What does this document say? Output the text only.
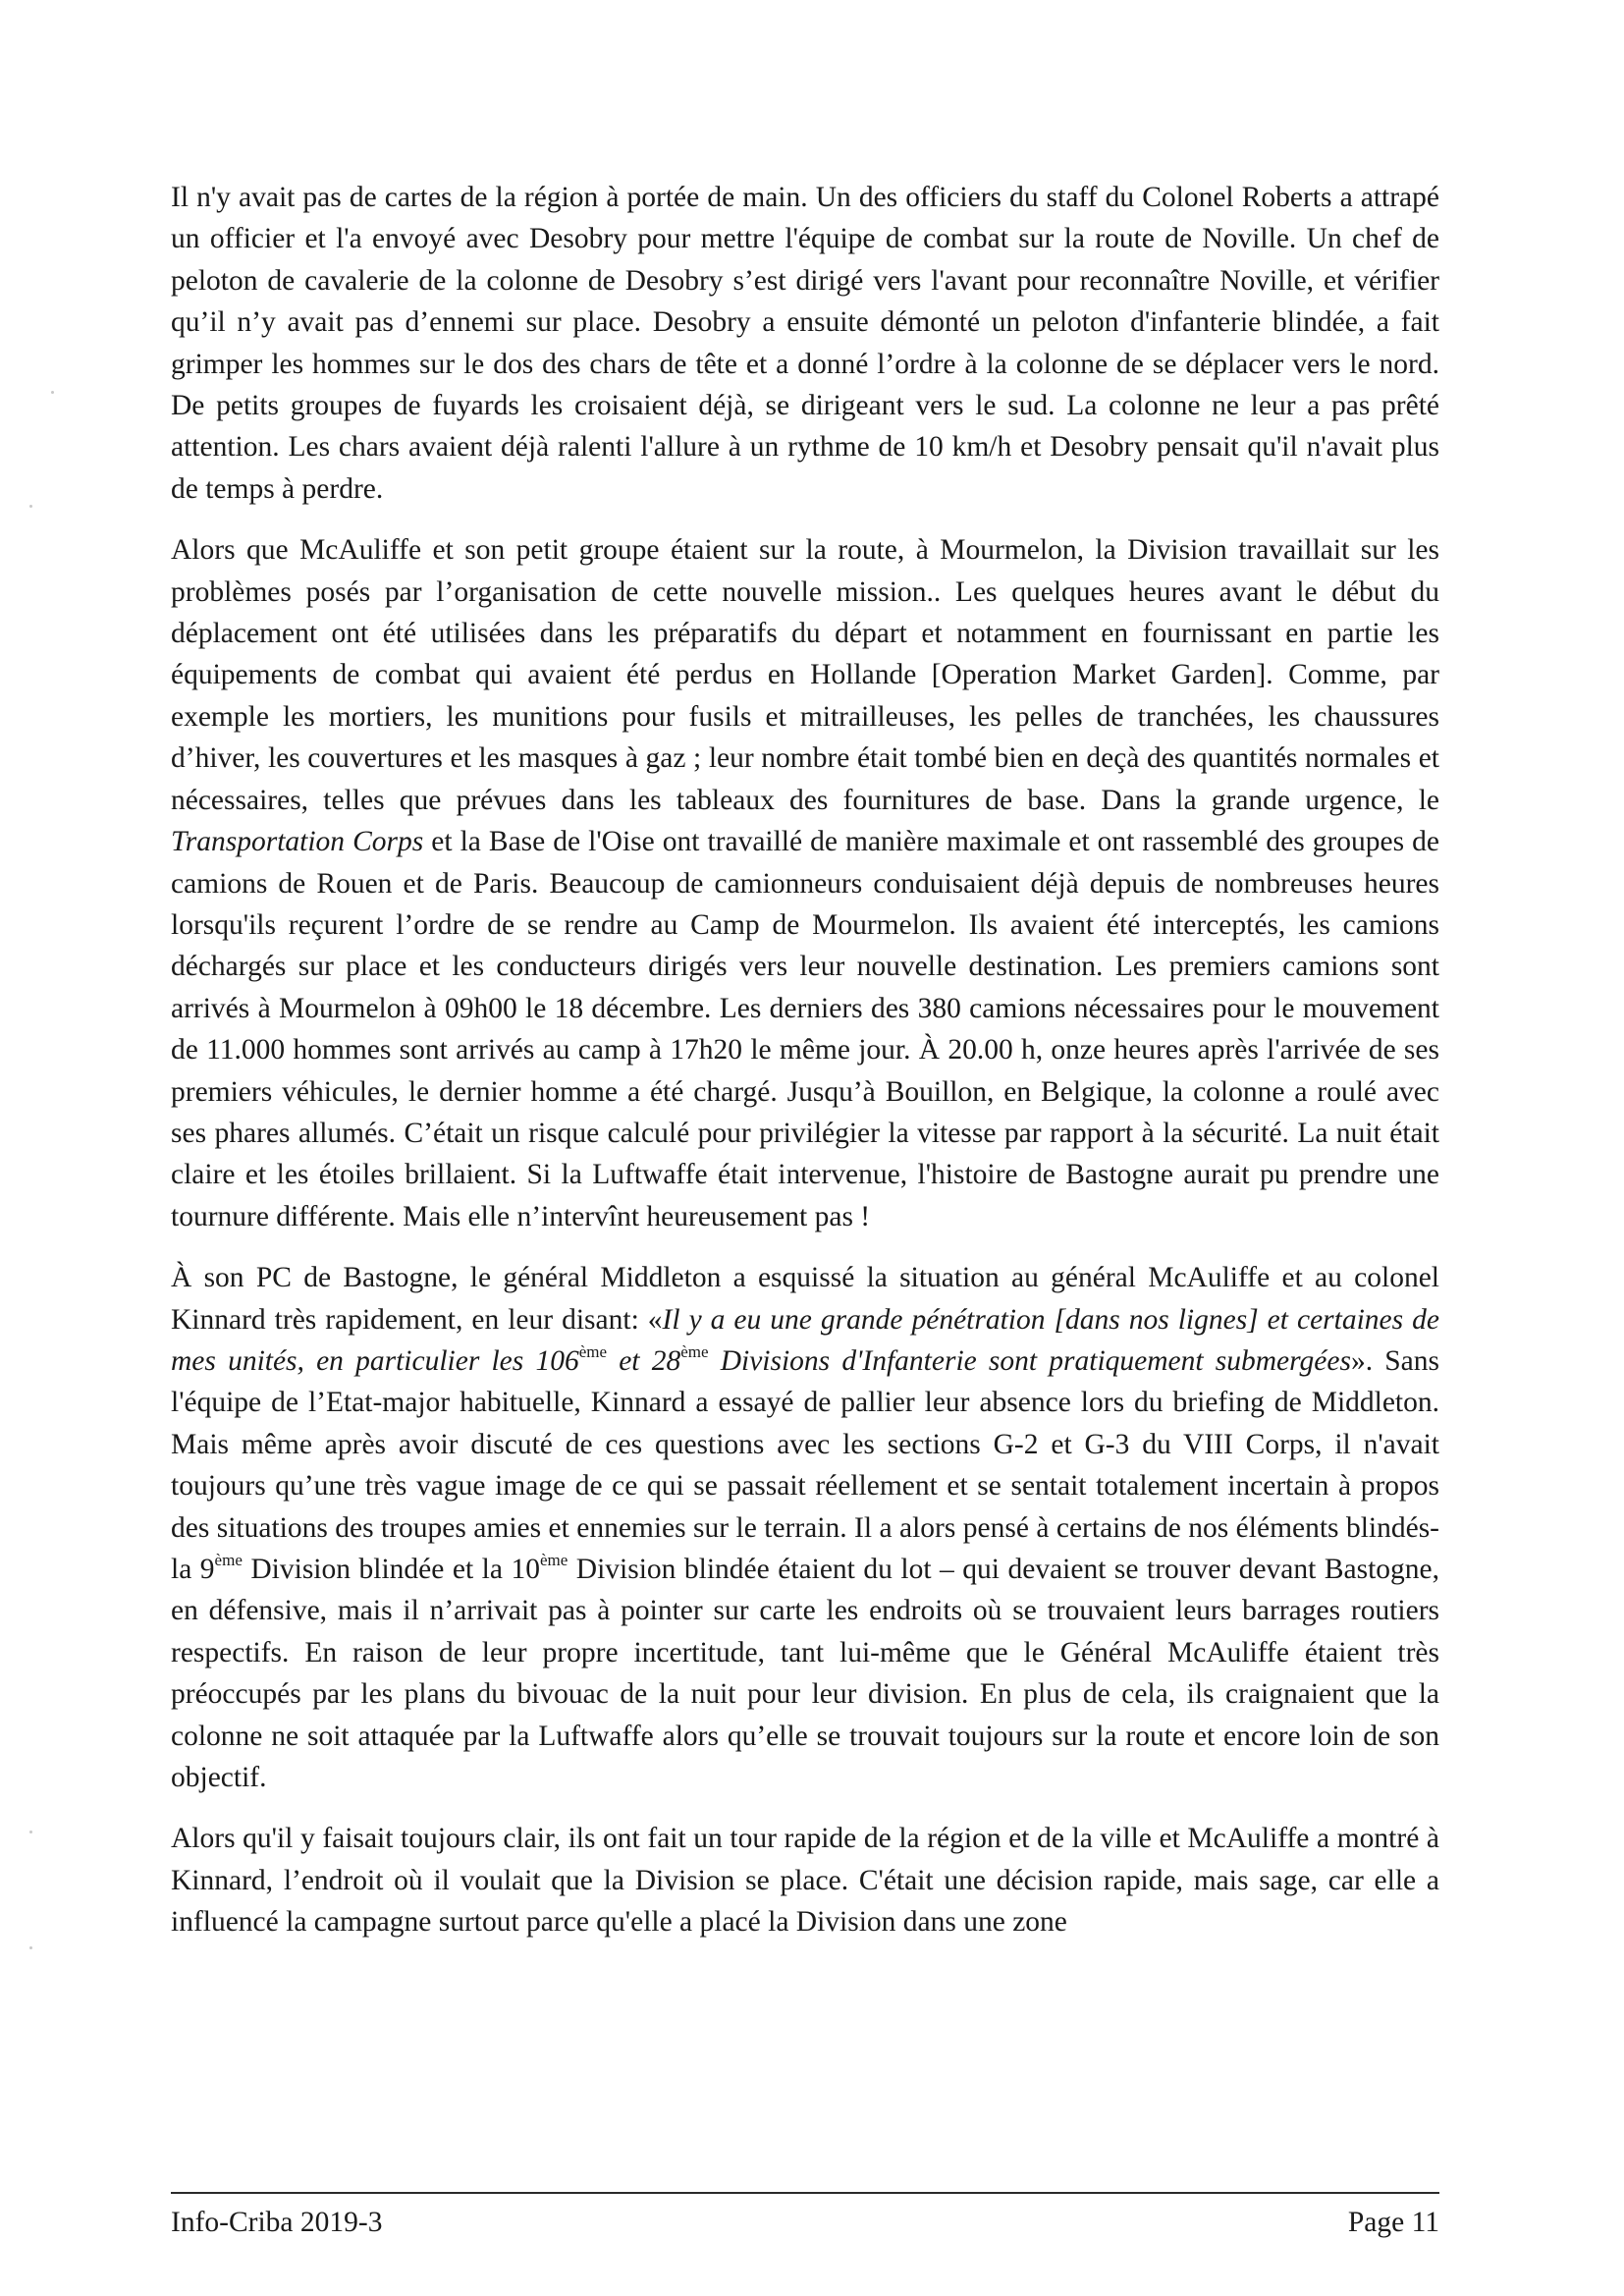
Il n'y avait pas de cartes de la région à portée de main. Un des officiers du staff du Colonel Roberts a attrapé un officier et l'a envoyé avec Desobry pour mettre l'équipe de combat sur la route de Noville. Un chef de peloton de cavalerie de la colonne de Desobry s’est dirigé vers l'avant pour reconnaître Noville, et vérifier qu’il n’y avait pas d’ennemi sur place. Desobry a ensuite démonté un peloton d'infanterie blindée, a fait grimper les hommes sur le dos des chars de tête et a donné l’ordre à la colonne de se déplacer vers le nord. De petits groupes de fuyards les croisaient déjà, se dirigeant vers le sud. La colonne ne leur a pas prêté attention. Les chars avaient déjà ralenti l'allure à un rythme de 10 km/h et Desobry pensait qu'il n'avait plus de temps à perdre.

Alors que McAuliffe et son petit groupe étaient sur la route, à Mourmelon, la Division travaillait sur les problèmes posés par l’organisation de cette nouvelle mission.. Les quelques heures avant le début du déplacement ont été utilisées dans les préparatifs du départ et notamment en fournissant en partie les équipements de combat qui avaient été perdus en Hollande [Operation Market Garden]. Comme, par exemple les mortiers, les munitions pour fusils et mitrailleuses, les pelles de tranchées, les chaussures d’hiver, les couvertures et les masques à gaz ; leur nombre était tombé bien en deçà des quantités normales et nécessaires, telles que prévues dans les tableaux des fournitures de base. Dans la grande urgence, le Transportation Corps et la Base de l'Oise ont travaillé de manière maximale et ont rassemblé des groupes de camions de Rouen et de Paris. Beaucoup de camionneurs conduisaient déjà depuis de nombreuses heures lorsqu'ils reçurent l’ordre de se rendre au Camp de Mourmelon. Ils avaient été interceptés, les camions déchargés sur place et les conducteurs dirigés vers leur nouvelle destination. Les premiers camions sont arrivés à Mourmelon à 09h00 le 18 décembre. Les derniers des 380 camions nécessaires pour le mouvement de 11.000 hommes sont arrivés au camp à 17h20 le même jour. À 20.00 h, onze heures après l'arrivée de ses premiers véhicules, le dernier homme a été chargé. Jusqu’à Bouillon, en Belgique, la colonne a roulé avec ses phares allumés. C’était un risque calculé pour privilégier la vitesse par rapport à la sécurité. La nuit était claire et les étoiles brillaient. Si la Luftwaffe était intervenue, l'histoire de Bastogne aurait pu prendre une tournure différente. Mais elle n’intervînt heureusement pas !

À son PC de Bastogne, le général Middleton a esquissé la situation au général McAuliffe et au colonel Kinnard très rapidement, en leur disant: «Il y a eu une grande pénétration [dans nos lignes] et certaines de mes unités, en particulier les 106ème et 28ème Divisions d'Infanterie sont pratiquement submergées». Sans l'équipe de l’Etat-major habituelle, Kinnard a essayé de pallier leur absence lors du briefing de Middleton. Mais même après avoir discuté de ces questions avec les sections G-2 et G-3 du VIII Corps, il n'avait toujours qu’une très vague image de ce qui se passait réellement et se sentait totalement incertain à propos des situations des troupes amies et ennemies sur le terrain. Il a alors pensé à certains de nos éléments blindés- la 9ème Division blindée et la 10ème Division blindée étaient du lot – qui devaient se trouver devant Bastogne, en défensive, mais il n’arrivait pas à pointer sur carte les endroits où se trouvaient leurs barrages routiers respectifs. En raison de leur propre incertitude, tant lui-même que le Général McAuliffe étaient très préoccupés par les plans du bivouac de la nuit pour leur division. En plus de cela, ils craignaient que la colonne ne soit attaquée par la Luftwaffe alors qu’elle se trouvait toujours sur la route et encore loin de son objectif.

Alors qu'il y faisait toujours clair, ils ont fait un tour rapide de la région et de la ville et McAuliffe a montré à Kinnard, l’endroit où il voulait que la Division se place. C'était une décision rapide, mais sage, car elle a influencé la campagne surtout parce qu'elle a placé la Division dans une zone

Info-Criba 2019-3	Page 11
